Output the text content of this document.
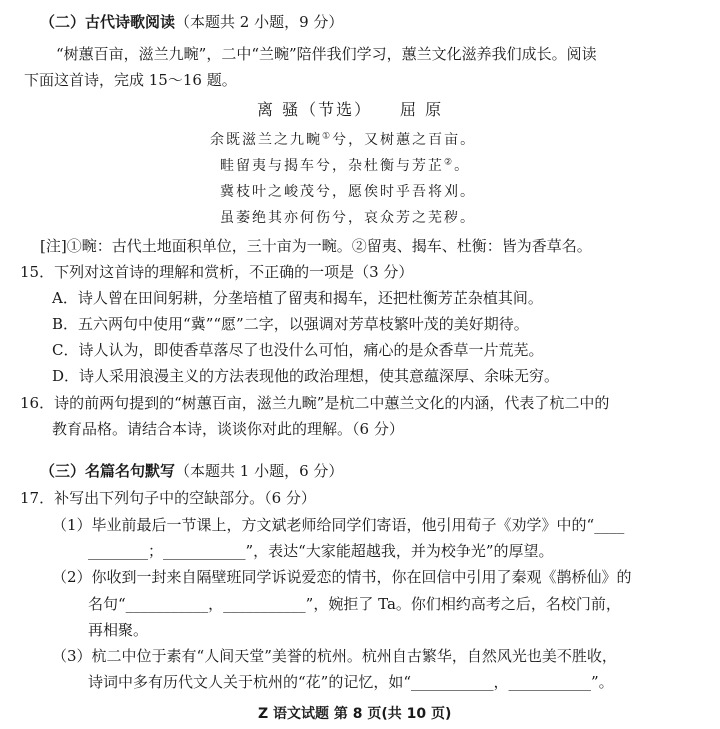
（二）古代诗歌阅读（本题共 2 小题，9 分）
“树蕙百亩，滋兰九畹”，二中“兰畹”陪伴我们学习，蕙兰文化滋养我们成长。阅读
下面这首诗，完成 15～16 题。
离 骚（节选） 屈 原
余既滋兰之九畹①兮，又树蕙之百亩。
畦留夷与揭车兮，杂杜衡与芳芷②。
冀枝叶之峻茂兮，愿俟时乎吾将刈。
虽萎绝其亦何伤兮，哀众芳之芜秽。
[注]①畹：古代土地面积单位，三十亩为一畹。②留夷、揭车、杜衡：皆为香草名。
15．下列对这首诗的理解和赏析，不正确的一项是（3 分）
A．诗人曾在田间躬耕，分垄培植了留夷和揭车，还把杜衡芳芷杂植其间。
B．五六两句中使用“冀”“愿”二字，以强调对芳草枝繁叶茂的美好期待。
C．诗人认为，即使香草落尽了也没什么可怕，痛心的是众香草一片荒芜。
D．诗人采用浪漫主义的方法表现他的政治理想，使其意蕴深厚、余味无穷。
16．诗的前两句提到的“树蕙百亩，滋兰九畹”是杭二中蕙兰文化的内涵，代表了杭二中的
教育品格。请结合本诗，谈谈你对此的理解。（6 分）
（三）名篇名句默写（本题共 1 小题，6 分）
17．补写出下列句子中的空缺部分。（6 分）
（1）毕业前最后一节课上，方文斌老师给同学们寄语，他引用荀子《劝学》中的“____
________；___________”，表达“大家能超越我，并为校争光”的厚望。
（2）你收到一封来自隔壁班同学诉说爱恋的情书，你在回信中引用了秦观《鹊桥仙》的
名句“___________，___________”，婉拒了 Ta。你们相约高考之后，名校门前，
再相聚。
（3）杭二中位于素有“人间天堂”美誉的杭州。杭州自古繁华，自然风光也美不胜收，
诗词中多有历代文人关于杭州的“花”的记忆，如“___________，___________”。
Z 语文试题 第 8 页(共 10 页)
